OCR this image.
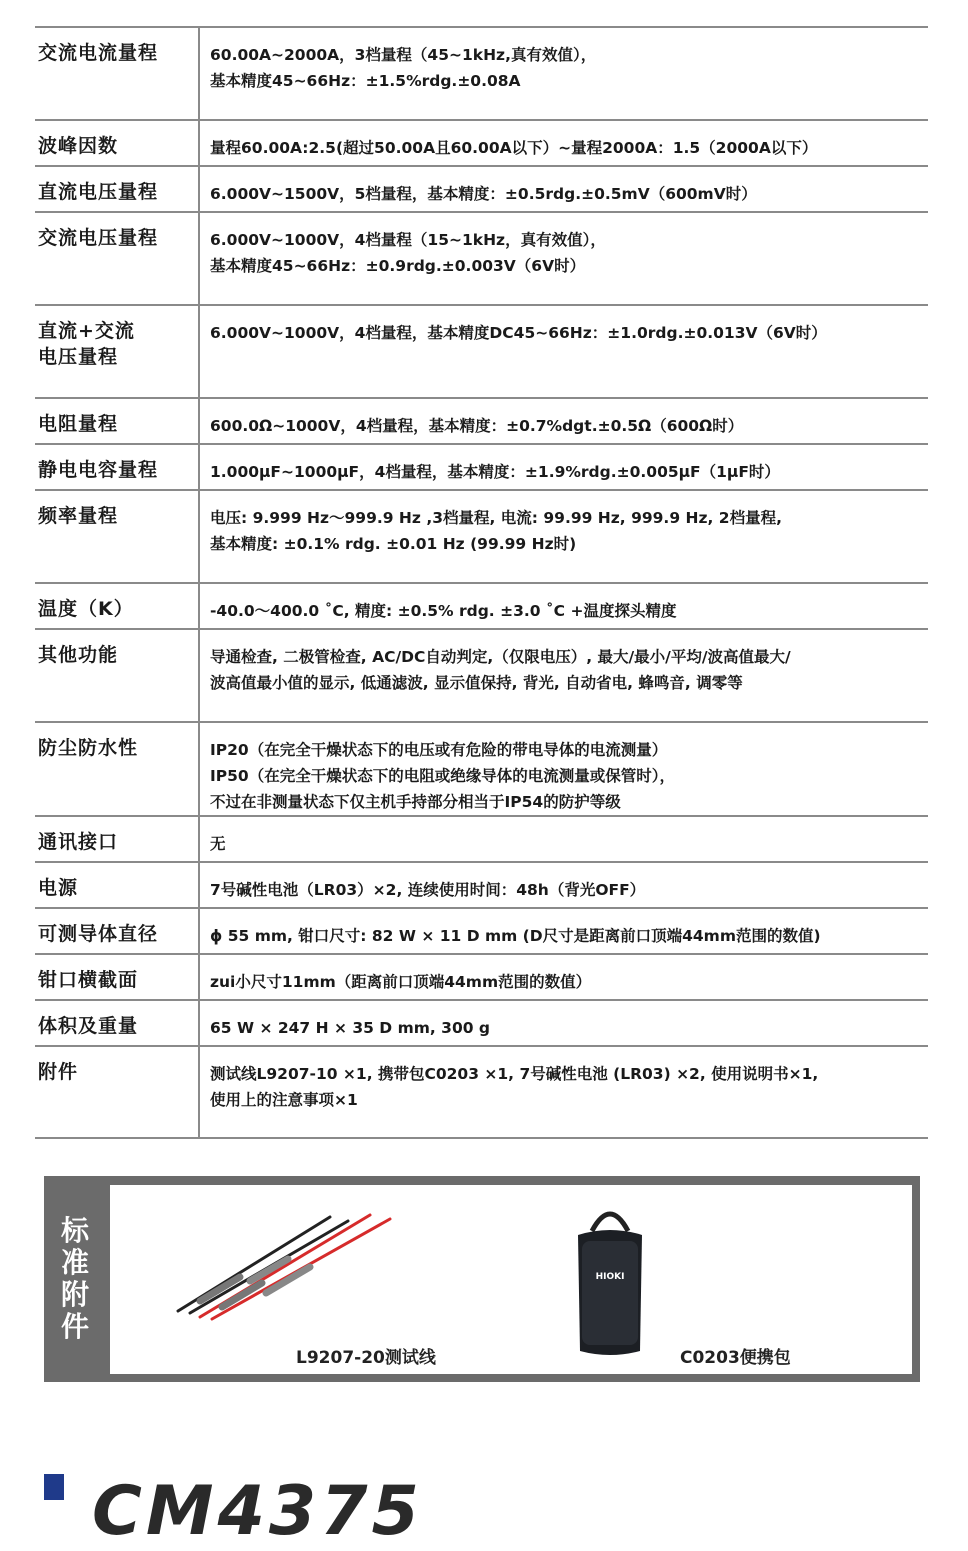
交流电流量程	60.00A~2000A，3档量程（45~1kHz,真有效值），
基本精度45~66Hz：±1.5%rdg.±0.08A
波峰因数	量程60.00A:2.5(超过50.00A且60.00A以下）~量程2000A：1.5（2000A以下）
直流电压量程	6.000V~1500V，5档量程，基本精度：±0.5rdg.±0.5mV（600mV时）
交流电压量程	6.000V~1000V，4档量程（15~1kHz，真有效值），
基本精度45~66Hz：±0.9rdg.±0.003V（6V时）
直流+交流
电压量程	6.000V~1000V，4档量程，基本精度DC45~66Hz：±1.0rdg.±0.013V（6V时）
电阻量程	600.0Ω~1000V，4档量程，基本精度：±0.7%dgt.±0.5Ω（600Ω时）
静电电容量程	1.000μF~1000μF，4档量程，基本精度：±1.9%rdg.±0.005μF（1μF时）
频率量程	电压: 9.999 Hz～999.9 Hz ,3档量程, 电流: 99.99 Hz, 999.9 Hz, 2档量程,
基本精度: ±0.1% rdg. ±0.01 Hz (99.99 Hz时)
温度（K）	-40.0～400.0 ˚C, 精度: ±0.5% rdg. ±3.0 ˚C +温度探头精度
其他功能	导通检查, 二极管检查, AC/DC自动判定,（仅限电压）, 最大/最小/平均/波高值最大/
波高值最小值的显示, 低通滤波, 显示值保持, 背光, 自动省电, 蜂鸣音, 调零等
防尘防水性	IP20（在完全干燥状态下的电压或有危险的带电导体的电流测量）
IP50（在完全干燥状态下的电阻或绝缘导体的电流测量或保管时），
不过在非测量状态下仅主机手持部分相当于IP54的防护等级
通讯接口	无
电源	7号碱性电池（LR03）×2, 连续使用时间：48h（背光OFF）
可测导体直径	ϕ 55 mm, 钳口尺寸: 82 W × 11 D mm (D尺寸是距离前口顶端44mm范围的数值)
钳口横截面	zui小尺寸11mm（距离前口顶端44mm范围的数值）
体积及重量	65 W × 247 H × 35 D mm, 300 g
附件	测试线L9207-10 ×1, 携带包C0203 ×1, 7号碱性电池 (LR03) ×2, 使用说明书×1,
使用上的注意事项×1
标
准
附
件
HIOKI
L9207-20测试线	C0203便携包
CM4375
